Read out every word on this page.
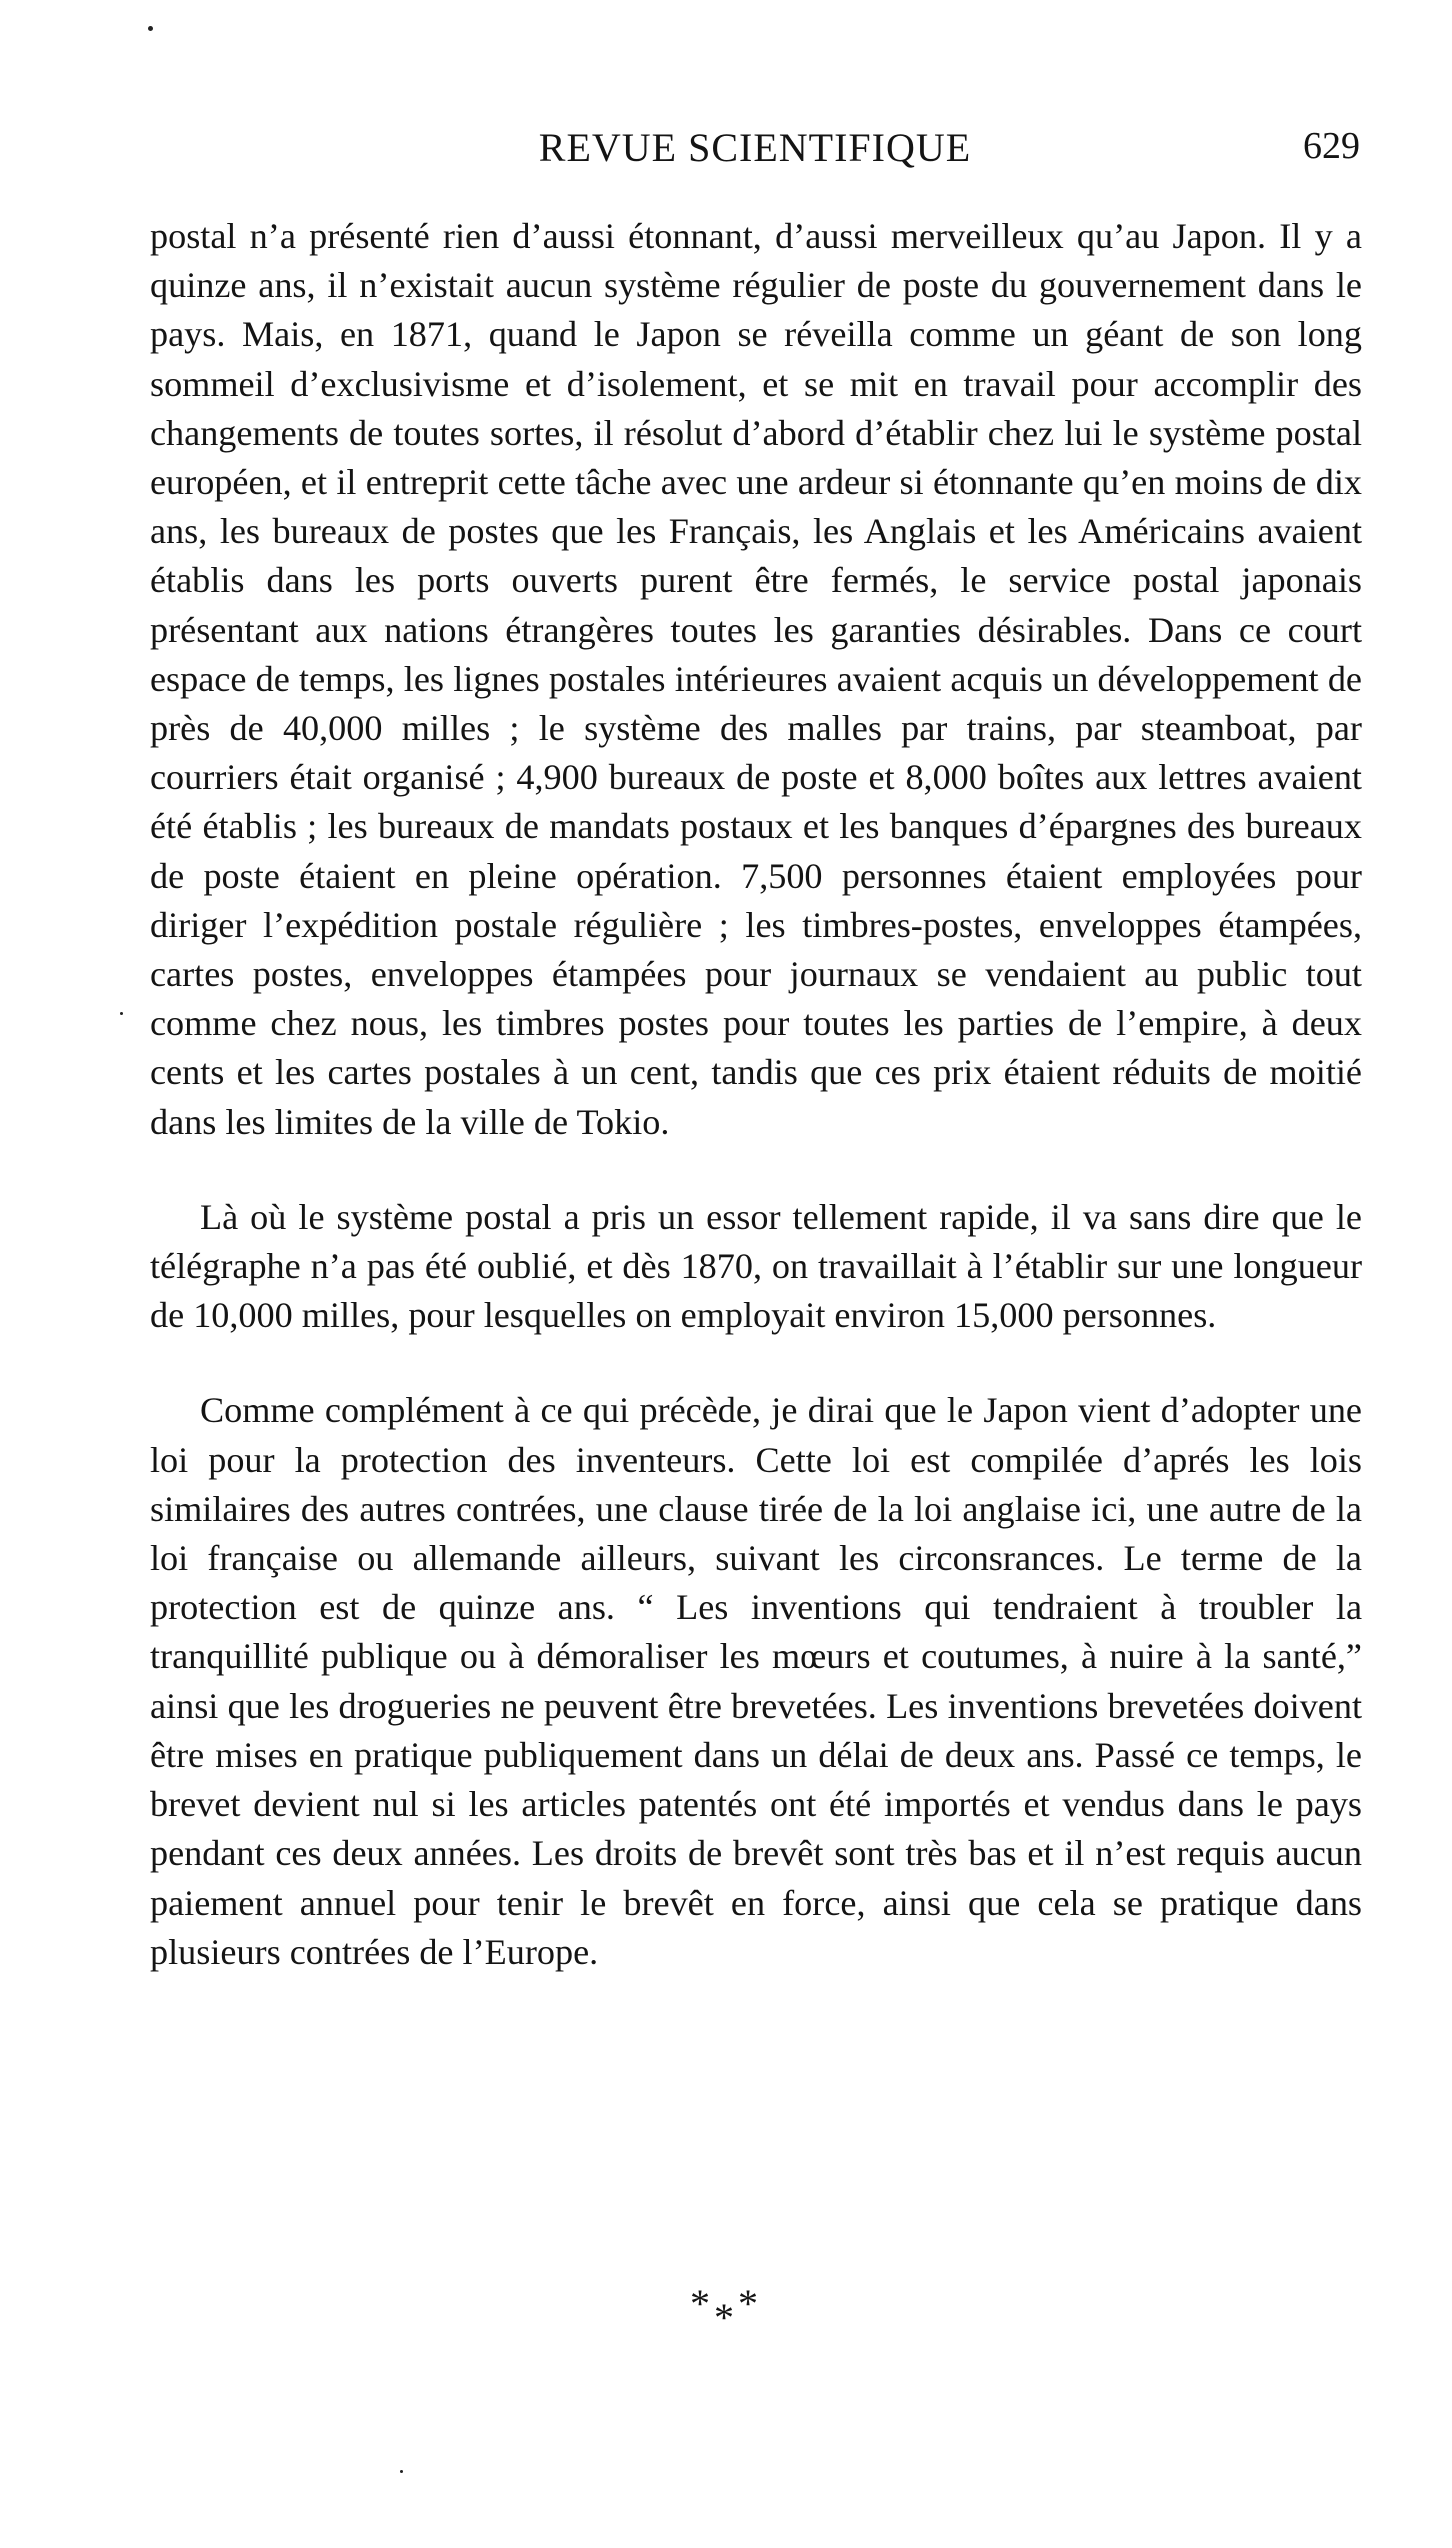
REVUE SCIENTIFIQUE	629

postal n’a présenté rien d’aussi étonnant, d’aussi merveilleux qu’au Japon. Il y a quinze ans, il n’existait aucun système régulier de poste du gouvernement dans le pays. Mais, en 1871, quand le Japon se réveilla comme un géant de son long sommeil d’exclusivisme et d’isolement, et se mit en travail pour accomplir des changements de toutes sortes, il résolut d’abord d’établir chez lui le système postal européen, et il entreprit cette tâche avec une ardeur si étonnante qu’en moins de dix ans, les bureaux de postes que les Français, les Anglais et les Américains avaient établis dans les ports ouverts purent être fermés, le service postal japonais présentant aux nations étrangères toutes les garanties désirables. Dans ce court espace de temps, les lignes postales intérieures avaient acquis un développement de près de 40,000 milles ; le système des malles par trains, par steamboat, par courriers était organisé ; 4,900 bureaux de poste et 8,000 boîtes aux lettres avaient été établis ; les bureaux de mandats postaux et les banques d’épargnes des bureaux de poste étaient en pleine opération. 7,500 personnes étaient employées pour diriger l’expédition postale régulière ; les timbres-postes, enveloppes étampées, cartes postes, enveloppes étampées pour journaux se vendaient au public tout comme chez nous, les timbres postes pour toutes les parties de l’empire, à deux cents et les cartes postales à un cent, tandis que ces prix étaient réduits de moitié dans les limites de la ville de Tokio.

Là où le système postal a pris un essor tellement rapide, il va sans dire que le télégraphe n’a pas été oublié, et dès 1870, on travaillait à l’établir sur une longueur de 10,000 milles, pour lesquelles on employait environ 15,000 personnes.

Comme complément à ce qui précède, je dirai que le Japon vient d’adopter une loi pour la protection des inventeurs. Cette loi est compilée d’aprés les lois similaires des autres contrées, une clause tirée de la loi anglaise ici, une autre de la loi française ou allemande ailleurs, suivant les circonsrances. Le terme de la protection est de quinze ans. “ Les inventions qui tendraient à troubler la tranquillité publique ou à démoraliser les mœurs et coutumes, à nuire à la santé,” ainsi que les drogueries ne peuvent être brevetées. Les inventions brevetées doivent être mises en pratique publiquement dans un délai de deux ans. Passé ce temps, le brevet devient nul si les articles patentés ont été importés et vendus dans le pays pendant ces deux années. Les droits de brevêt sont très bas et il n’est requis aucun paiement annuel pour tenir le brevêt en force, ainsi que cela se pratique dans plusieurs contrées de l’Europe.

***
